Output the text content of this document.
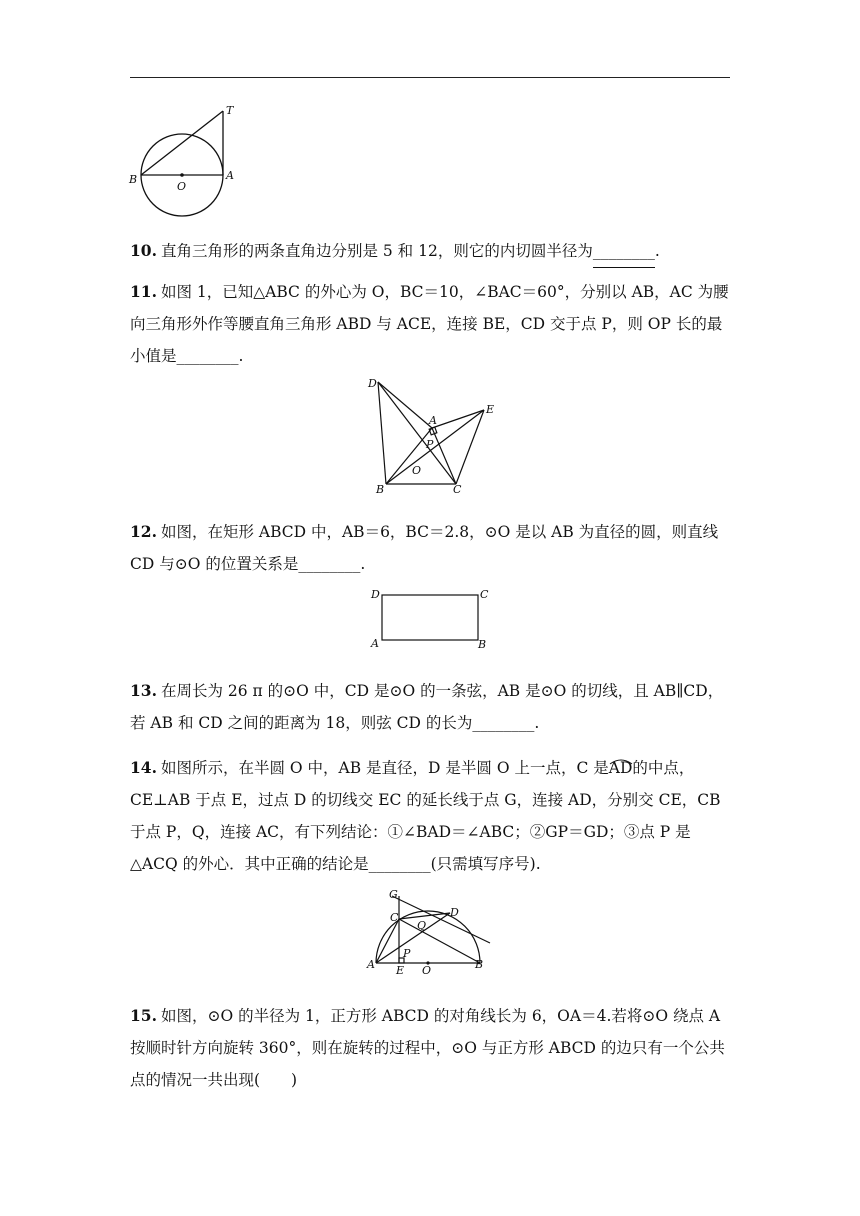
T
B
O
A
10. 直角三角形的两条直角边分别是 5 和 12，则它的内切圆半径为________.
11. 如图 1，已知△ABC 的外心为 O，BC＝10，∠BAC＝60°，分别以 AB，AC 为腰向三角形外作等腰直角三角形 ABD 与 ACE，连接 BE，CD 交于点 P，则 OP 长的最小值是________.
D
A
E
P
O
B	C
12. 如图，在矩形 ABCD 中，AB＝6，BC＝2.8，⊙O 是以 AB 为直径的圆，则直线 CD 与⊙O 的位置关系是________.
D	C
A	B
13. 在周长为 26 π 的⊙O 中，CD 是⊙O 的一条弦，AB 是⊙O 的切线，且 AB∥CD，若 AB 和 CD 之间的距离为 18，则弦 CD 的长为________.
14. 如图所示，在半圆 O 中，AB 是直径，D 是半圆 O 上一点，C 是
AD的中点，CE⊥AB 于点 E，过点 D 的切线交 EC 的延长线于点 G，连接 AD，分别交 CE，CB 于点 P，Q，连接 AC，有下列结论：①∠BAD＝∠ABC；②GP＝GD；③点 P 是△ACQ 的外心．其中正确的结论是________(只需填写序号).
G
C	D
Q
P
A E O	B
15. 如图，⊙O 的半径为 1，正方形 ABCD 的对角线长为 6，OA＝4.若将⊙O 绕点 A 按顺时针方向旋转 360°，则在旋转的过程中，⊙O 与正方形 ABCD 的边只有一个公共点的情况一共出现(　　)
